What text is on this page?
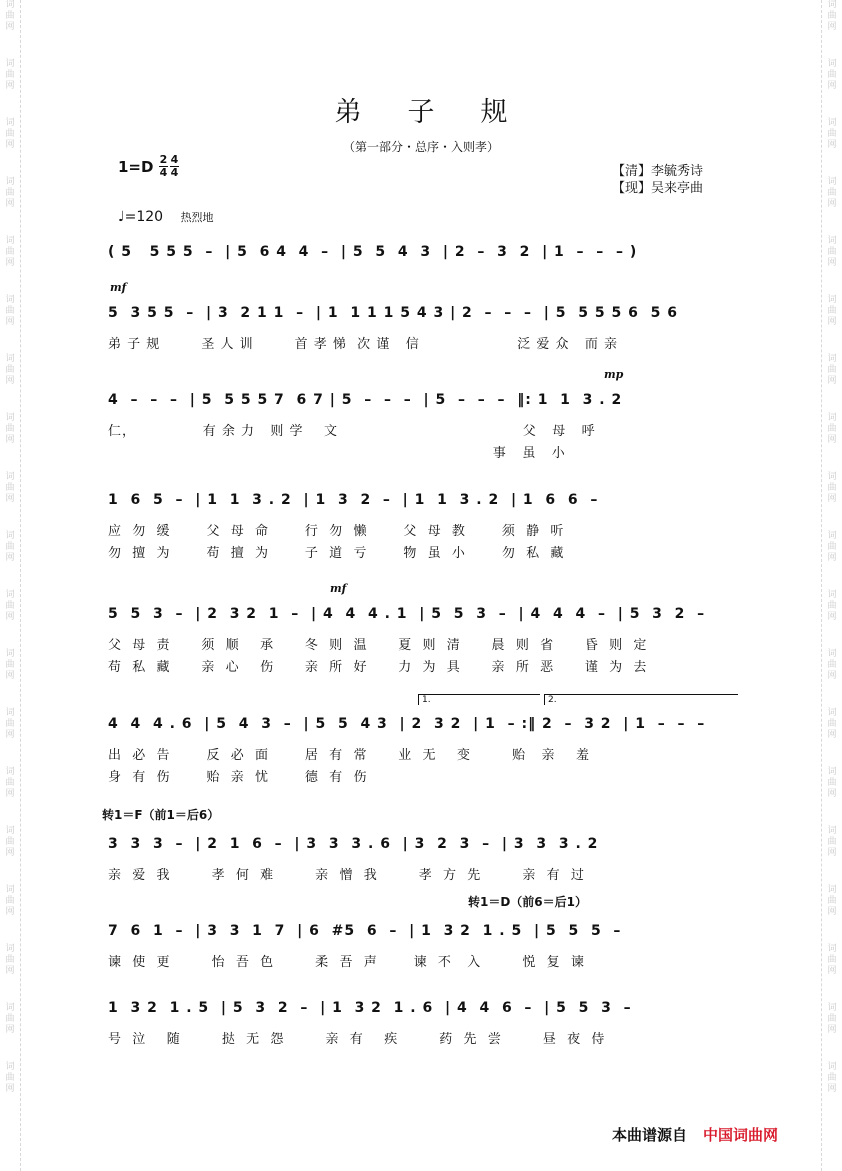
词
曲
网
词
曲
网
词
曲
网
词
曲
网
词
曲
网
词
曲
网
词
曲
网
词
曲
网
词
曲
网
词
曲
网
词
曲
网
词
曲
网
词
曲
网
词
曲
网
词
曲
网
词
曲
网
词
曲
网
词
曲
网
词
曲
网
词
曲
网
词
曲
网
词
曲
网
词
曲
网
词
曲
网
词
曲
网
词
曲
网
词
曲
网
词
曲
网
词
曲
网
词
曲
网
词
曲
网
词
曲
网
词
曲
网
词
曲
网
词
曲
网
词
曲
网
词
曲
网
词
曲
网
弟子规
（第一部分・总序・入则孝）
1=D 2 4
4 4	【清】李毓秀诗
【现】吴来亭曲
♩=120 热烈地
( 5   5 5 5  –  | 5  6 4  4  –  | 5  5  4  3  | 2  –  3  2  | 1  –  –  – )
mf
5  3 5 5  –  | 3  2 1 1  –  | 1  1 1 1 5 4 3 | 2  –  –  –  | 5  5 5 5 6  5 6
弟 子 规        圣 人 训        首 孝 悌  次 谨   信                   泛 爱 众   而 亲
mp
4  –  –  –  | 5  5 5 5 7  6 7 | 5  –  –  –  | 5  –  –  –  ‖: 1  1  3 . 2
仁，             有 余 力   则 学    文                                    父   母   呼
事   虽   小
1  6  5  –  | 1  1  3 . 2  | 1  3  2  –  | 1  1  3 . 2  | 1  6  6  –
应  勿  缓       父  母  命       行  勿  懒       父  母  教       须  静  听
勿  擅  为       苟  擅  为       子  道  亏       物  虽  小       勿  私  藏
mf
5  5  3  –  | 2  3 2  1  –  | 4  4  4 . 1  | 5  5  3  –  | 4  4  4  –  | 5  3  2  –
父  母  责      须  顺    承      冬  则  温      夏  则  清      晨  则  省      昏  则  定
苟  私  藏      亲  心    伤      亲  所  好      力  为  具      亲  所  恶      谨  为  去
1.	2.
4  4  4 . 6  | 5  4  3  –  | 5  5  4 3  | 2  3 2  | 1  – :‖ 2  –  3 2  | 1  –  –  –
出  必  告       反  必  面       居  有  常      业  无    变        贻   亲    羞
身  有  伤       贻  亲  忧       德  有  伤
转1＝F（前1＝后6）
3  3  3  –  | 2  1  6  –  | 3  3  3 . 6  | 3  2  3  –  | 3  3  3 . 2
亲  爱  我        孝  何  难        亲  憎  我        孝  方  先        亲  有  过
转1＝D（前6＝后1）
7  6  1  –  | 3  3  1  7  | 6  #5  6  –  | 1  3 2  1 . 5  | 5  5  5  –
谏  使  更        怡  吾  色        柔  吾  声       谏  不   入        悦  复  谏
1  3 2  1 . 5  | 5  3  2  –  | 1  3 2  1 . 6  | 4  4  6  –  | 5  5  3  –
号  泣    随        挞  无  怨        亲  有    疾        药  先  尝        昼  夜  侍
本曲谱源自 中国词曲网
